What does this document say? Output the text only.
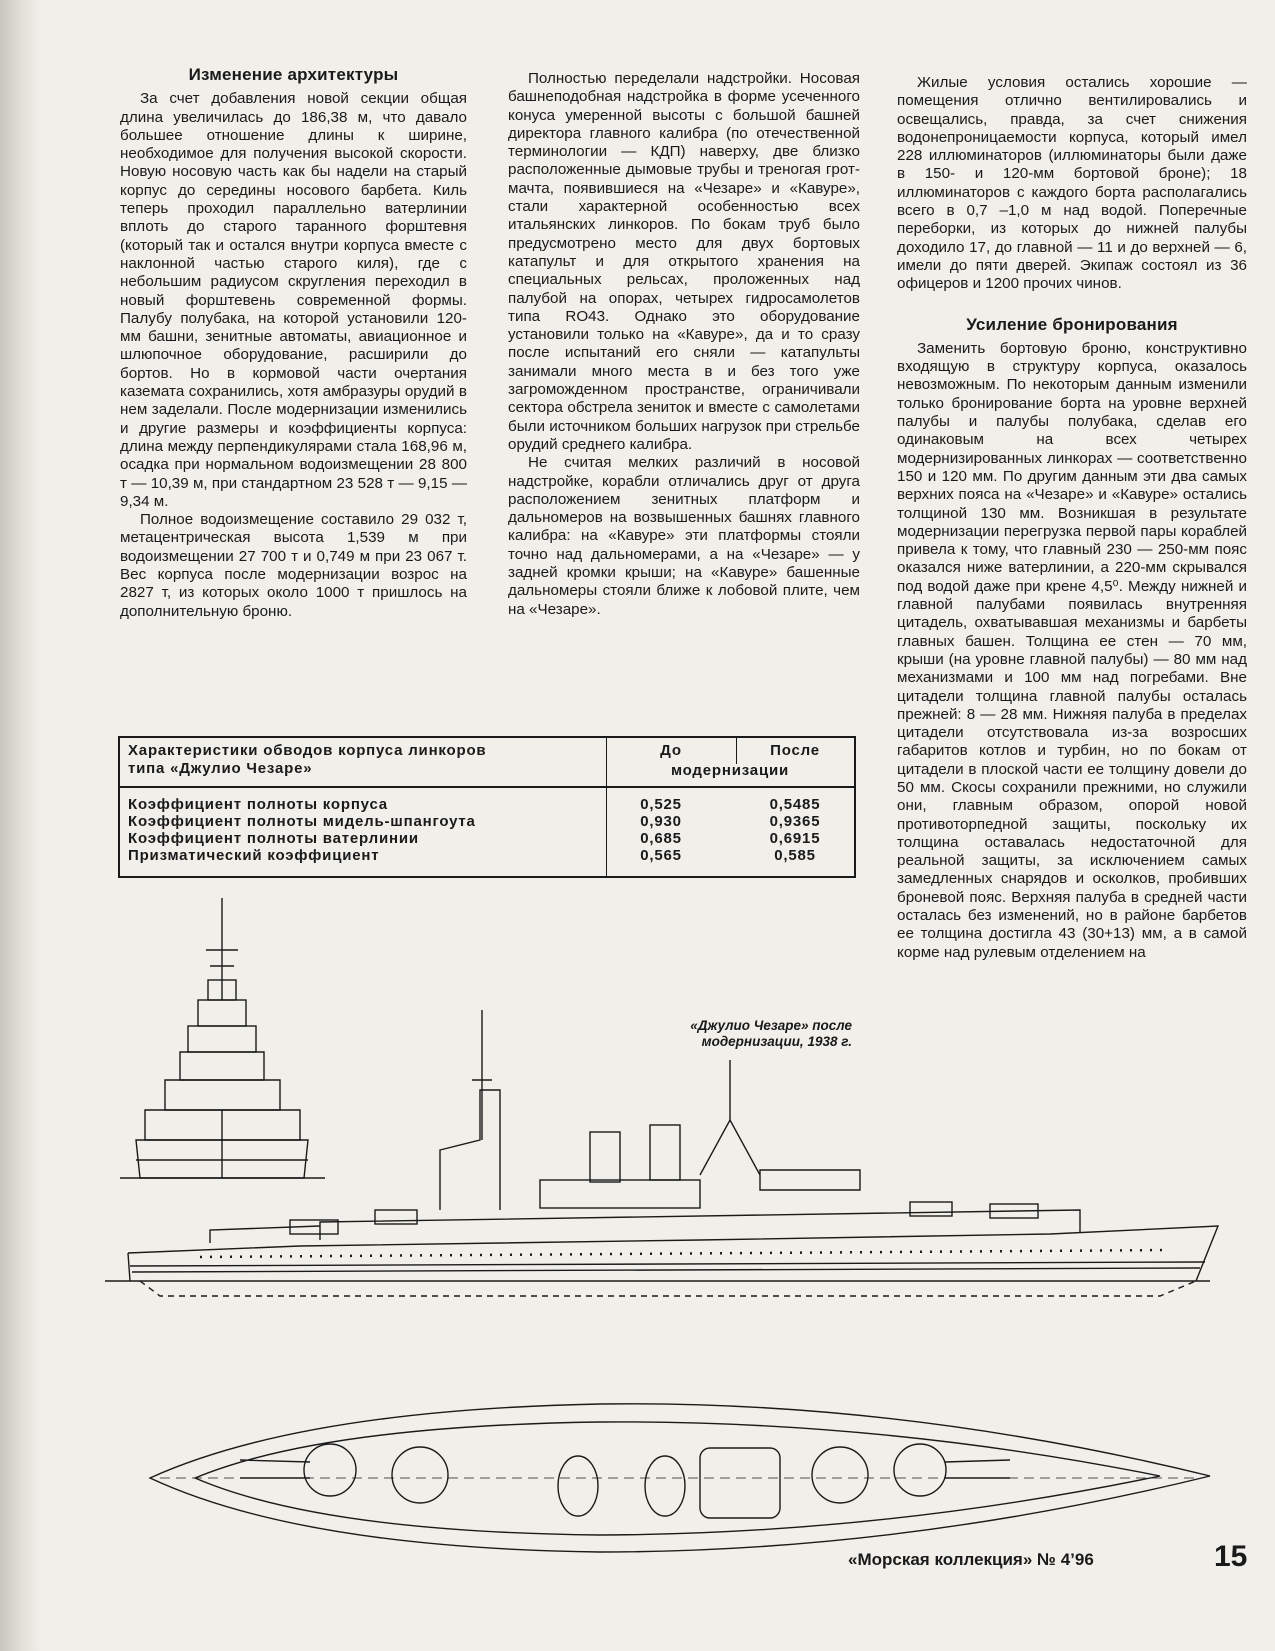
Изменение архитектуры

За счет добавления новой секции общая длина увеличилась до 186,38 м, что давало большее отношение длины к ширине, необходимое для получения высокой скорости. Новую носовую часть как бы надели на старый корпус до середины носового барбета. Киль теперь проходил параллельно ватерлинии вплоть до старого таранного форштевня (который так и остался внутри корпуса вместе с наклонной частью старого киля), где с небольшим радиусом скругления переходил в новый форштевень современной формы. Палубу полубака, на которой установили 120-мм башни, зенитные автоматы, авиационное и шлюпочное оборудование, расширили до бортов. Но в кормовой части очертания каземата сохранились, хотя амбразуры орудий в нем заделали. После модернизации изменились и другие размеры и коэффициенты корпуса: длина между перпендикулярами стала 168,96 м, осадка при нормальном водоизмещении 28 800 т — 10,39 м, при стандартном 23 528 т — 9,15 — 9,34 м.

Полное водоизмещение составило 29 032 т, метацентрическая высота 1,539 м при водоизмещении 27 700 т и 0,749 м при 23 067 т. Вес корпуса после модернизации возрос на 2827 т, из которых около 1000 т пришлось на дополнительную броню.

Полностью переделали надстройки. Носовая башнеподобная надстройка в форме усеченного конуса умеренной высоты с большой башней директора главного калибра (по отечественной терминологии — КДП) наверху, две близко расположенные дымовые трубы и треногая грот-мачта, появившиеся на «Чезаре» и «Кавуре», стали характерной особенностью всех итальянских линкоров. По бокам труб было предусмотрено место для двух бортовых катапульт и для открытого хранения на специальных рельсах, проложенных над палубой на опорах, четырех гидросамолетов типа RO43. Однако это оборудование установили только на «Кавуре», да и то сразу после испытаний его сняли — катапульты занимали много места в и без того уже загроможденном пространстве, ограничивали сектора обстрела зениток и вместе с самолетами были источником больших нагрузок при стрельбе орудий среднего калибра.

Не считая мелких различий в носовой надстройке, корабли отличались друг от друга расположением зенитных платформ и дальномеров на возвышенных башнях главного калибра: на «Кавуре» эти платформы стояли точно над дальномерами, а на «Чезаре» — у задней кромки крыши; на «Кавуре» башенные дальномеры стояли ближе к лобовой плите, чем на «Чезаре».

Жилые условия остались хорошие — помещения отлично вентилировались и освещались, правда, за счет снижения водонепроницаемости корпуса, который имел 228 иллюминаторов (иллюминаторы были даже в 150- и 120-мм бортовой броне); 18 иллюминаторов с каждого борта располагались всего в 0,7 –1,0 м над водой. Поперечные переборки, из которых до нижней палубы доходило 17, до главной — 11 и до верхней — 6, имели до пяти дверей. Экипаж состоял из 36 офицеров и 1200 прочих чинов.

Усиление бронирования

Заменить бортовую броню, конструктивно входящую в структуру корпуса, оказалось невозможным. По некоторым данным изменили только бронирование борта на уровне верхней палубы и палубы полубака, сделав его одинаковым на всех четырех модернизированных линкорах — соответственно 150 и 120 мм. По другим данным эти два самых верхних пояса на «Чезаре» и «Кавуре» остались толщиной 130 мм. Возникшая в результате модернизации перегрузка первой пары кораблей привела к тому, что главный 230 — 250-мм пояс оказался ниже ватерлинии, а 220-мм скрывался под водой даже при крене 4,5⁰. Между нижней и главной палубами появилась внутренняя цитадель, охватывавшая механизмы и барбеты главных башен. Толщина ее стен — 70 мм, крыши (на уровне главной палубы) — 80 мм над механизмами и 100 мм над погребами. Вне цитадели толщина главной палубы осталась прежней: 8 — 28 мм. Нижняя палуба в пределах цитадели отсутствовала из-за возросших габаритов котлов и турбин, но по бокам от цитадели в плоской части ее толщину довели до 50 мм. Скосы сохранили прежними, но служили они, главным образом, опорой новой противоторпедной защиты, поскольку их толщина оставалась недостаточной для реальной защиты, за исключением самых замедленных снарядов и осколков, пробивших броневой пояс. Верхняя палуба в средней части осталась без изменений, но в районе барбетов ее толщина достигла 43 (30+13) мм, а в самой корме над рулевым отделением на

Характеристики обводов корпуса линкоров
типа «Джулио Чезаре»
До	После
модернизации
Коэффициент полноты корпуса
Коэффициент полноты мидель-шпангоута
Коэффициент полноты ватерлинии
Призматический коэффициент
0,525
0,930
0,685
0,565
0,5485
0,9365
0,6915
0,585
«Джулио Чезаре» после
модернизации, 1938 г.
«Морская коллекция» № 4’96	15
